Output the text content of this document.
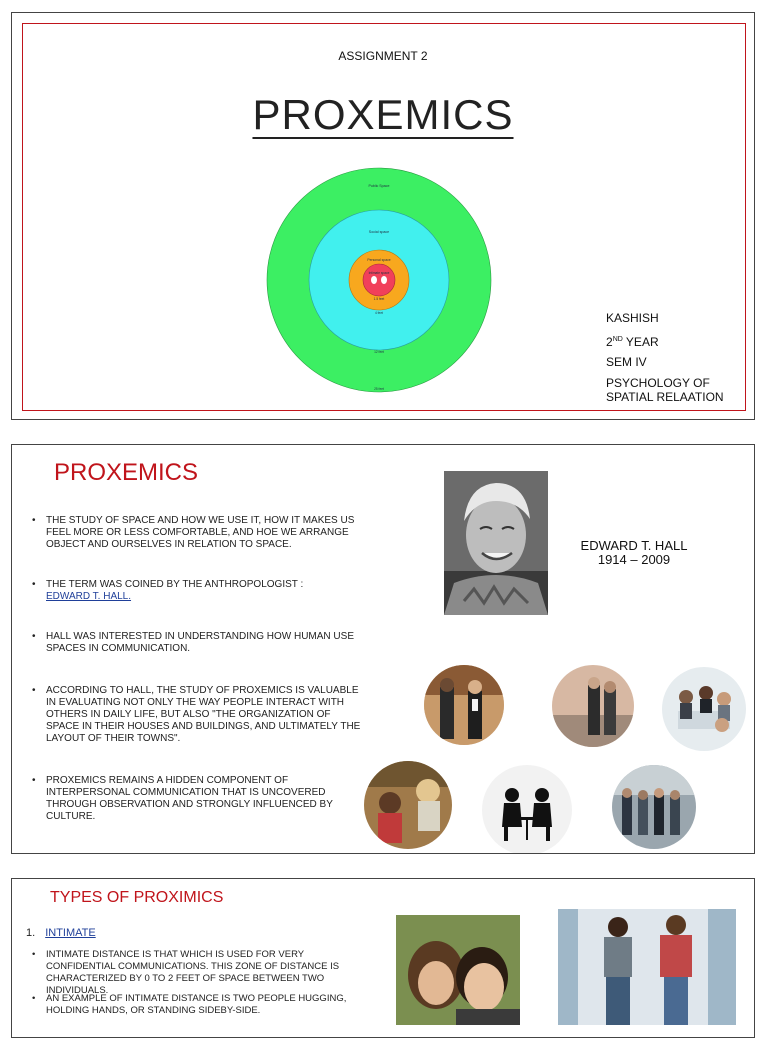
ASSIGNMENT 2
PROXEMICS
Public Space
Social space
Personal space
Intimate space
1.5 feet
4 feet
12 feet
25 feet
KASHISH
2ND YEAR
SEM IV
PSYCHOLOGY OF
SPATIAL RELAATION
PROXEMICS
• THE STUDY OF SPACE AND HOW WE USE IT, HOW IT MAKES US FEEL MORE OR LESS COMFORTABLE, AND HOE WE ARRANGE OBJECT AND OURSELVES IN RELATION TO SPACE.
• THE TERM WAS COINED BY THE ANTHROPOLOGIST :
EDWARD T. HALL.
• HALL WAS INTERESTED IN UNDERSTANDING HOW HUMAN USE SPACES IN COMMUNICATION.
• ACCORDING TO HALL, THE STUDY OF PROXEMICS IS VALUABLE IN EVALUATING NOT ONLY THE WAY PEOPLE INTERACT WITH OTHERS IN DAILY LIFE, BUT ALSO "THE ORGANIZATION OF SPACE IN THEIR HOUSES AND BUILDINGS, AND ULTIMATELY THE LAYOUT OF THEIR TOWNS".
• PROXEMICS REMAINS A HIDDEN COMPONENT OF INTERPERSONAL COMMUNICATION THAT IS UNCOVERED THROUGH OBSERVATION AND STRONGLY INFLUENCED BY CULTURE.
EDWARD T. HALL
1914 – 2009
TYPES OF PROXIMICS
1. INTIMATE
• INTIMATE DISTANCE IS THAT WHICH IS USED FOR VERY CONFIDENTIAL COMMUNICATIONS. THIS ZONE OF DISTANCE IS CHARACTERIZED BY 0 TO 2 FEET OF SPACE BETWEEN TWO INDIVIDUALS.
• AN EXAMPLE OF INTIMATE DISTANCE IS TWO PEOPLE HUGGING, HOLDING HANDS, OR STANDING SIDEBY-SIDE.
